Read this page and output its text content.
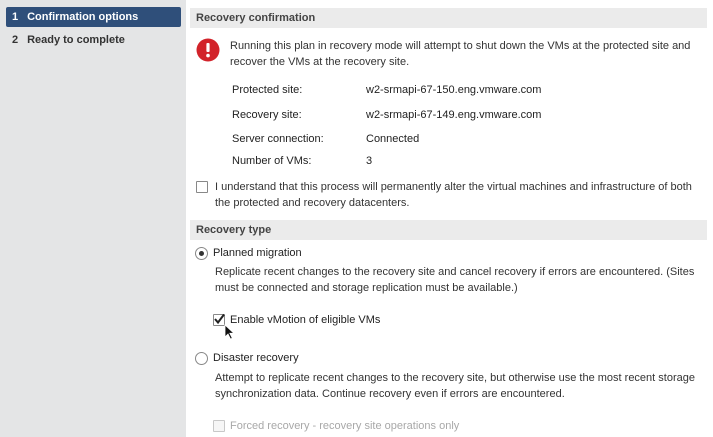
1 Confirmation options
2 Ready to complete
Recovery confirmation
Running this plan in recovery mode will attempt to shut down the VMs at the protected site and recover the VMs at the recovery site.
Protected site:	w2-srmapi-67-150.eng.vmware.com
Recovery site:	w2-srmapi-67-149.eng.vmware.com
Server connection:	Connected
Number of VMs:	3
I understand that this process will permanently alter the virtual machines and infrastructure of both the protected and recovery datacenters.
Recovery type
Planned migration
Replicate recent changes to the recovery site and cancel recovery if errors are encountered. (Sites must be connected and storage replication must be available.)
Enable vMotion of eligible VMs
Disaster recovery
Attempt to replicate recent changes to the recovery site, but otherwise use the most recent storage synchronization data. Continue recovery even if errors are encountered.
Forced recovery - recovery site operations only
